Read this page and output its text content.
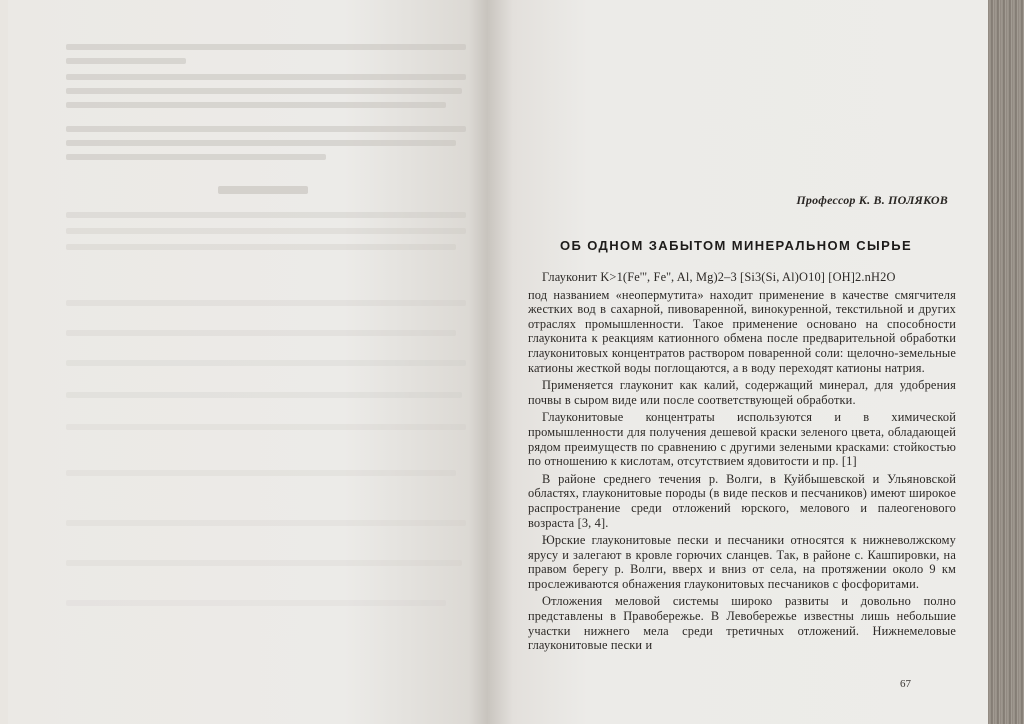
Профессор К. В. ПОЛЯКОВ
ОБ ОДНОМ ЗАБЫТОМ МИНЕРАЛЬНОМ СЫРЬЕ

Глауконит K>1(Fe''', Fe'', Al, Mg)2–3 [Si3(Si, Al)O10] [OH]2.nH2O

под названием «неопермутита» находит применение в качестве смягчителя жестких вод в сахарной, пивоваренной, винокуренной, текстильной и других отраслях промышленности. Такое применение основано на способности глауконита к реакциям катионного обмена после предварительной обработки глауконитовых концентратов раствором поваренной соли: щелочно-земельные катионы жесткой воды поглощаются, а в воду переходят катионы натрия.

Применяется глауконит как калий, содержащий минерал, для удобрения почвы в сыром виде или после соответствующей обработки.

Глауконитовые концентраты используются и в химической промышленности для получения дешевой краски зеленого цвета, обладающей рядом преимуществ по сравнению с другими зелеными красками: стойкостью по отношению к кислотам, отсутствием ядовитости и пр. [1]

В районе среднего течения р. Волги, в Куйбышевской и Ульяновской областях, глауконитовые породы (в виде песков и песчаников) имеют широкое распространение среди отложений юрского, мелового и палеогенового возраста [3, 4].

Юрские глауконитовые пески и песчаники относятся к нижневолжскому ярусу и залегают в кровле горючих сланцев. Так, в районе с. Кашпировки, на правом берегу р. Волги, вверх и вниз от села, на протяжении около 9 км прослеживаются обнажения глауконитовых песчаников с фосфоритами.

Отложения меловой системы широко развиты и довольно полно представлены в Правобережье. В Левобережье известны лишь небольшие участки нижнего мела среди третичных отложений. Нижнемеловые глауконитовые пески и

67
